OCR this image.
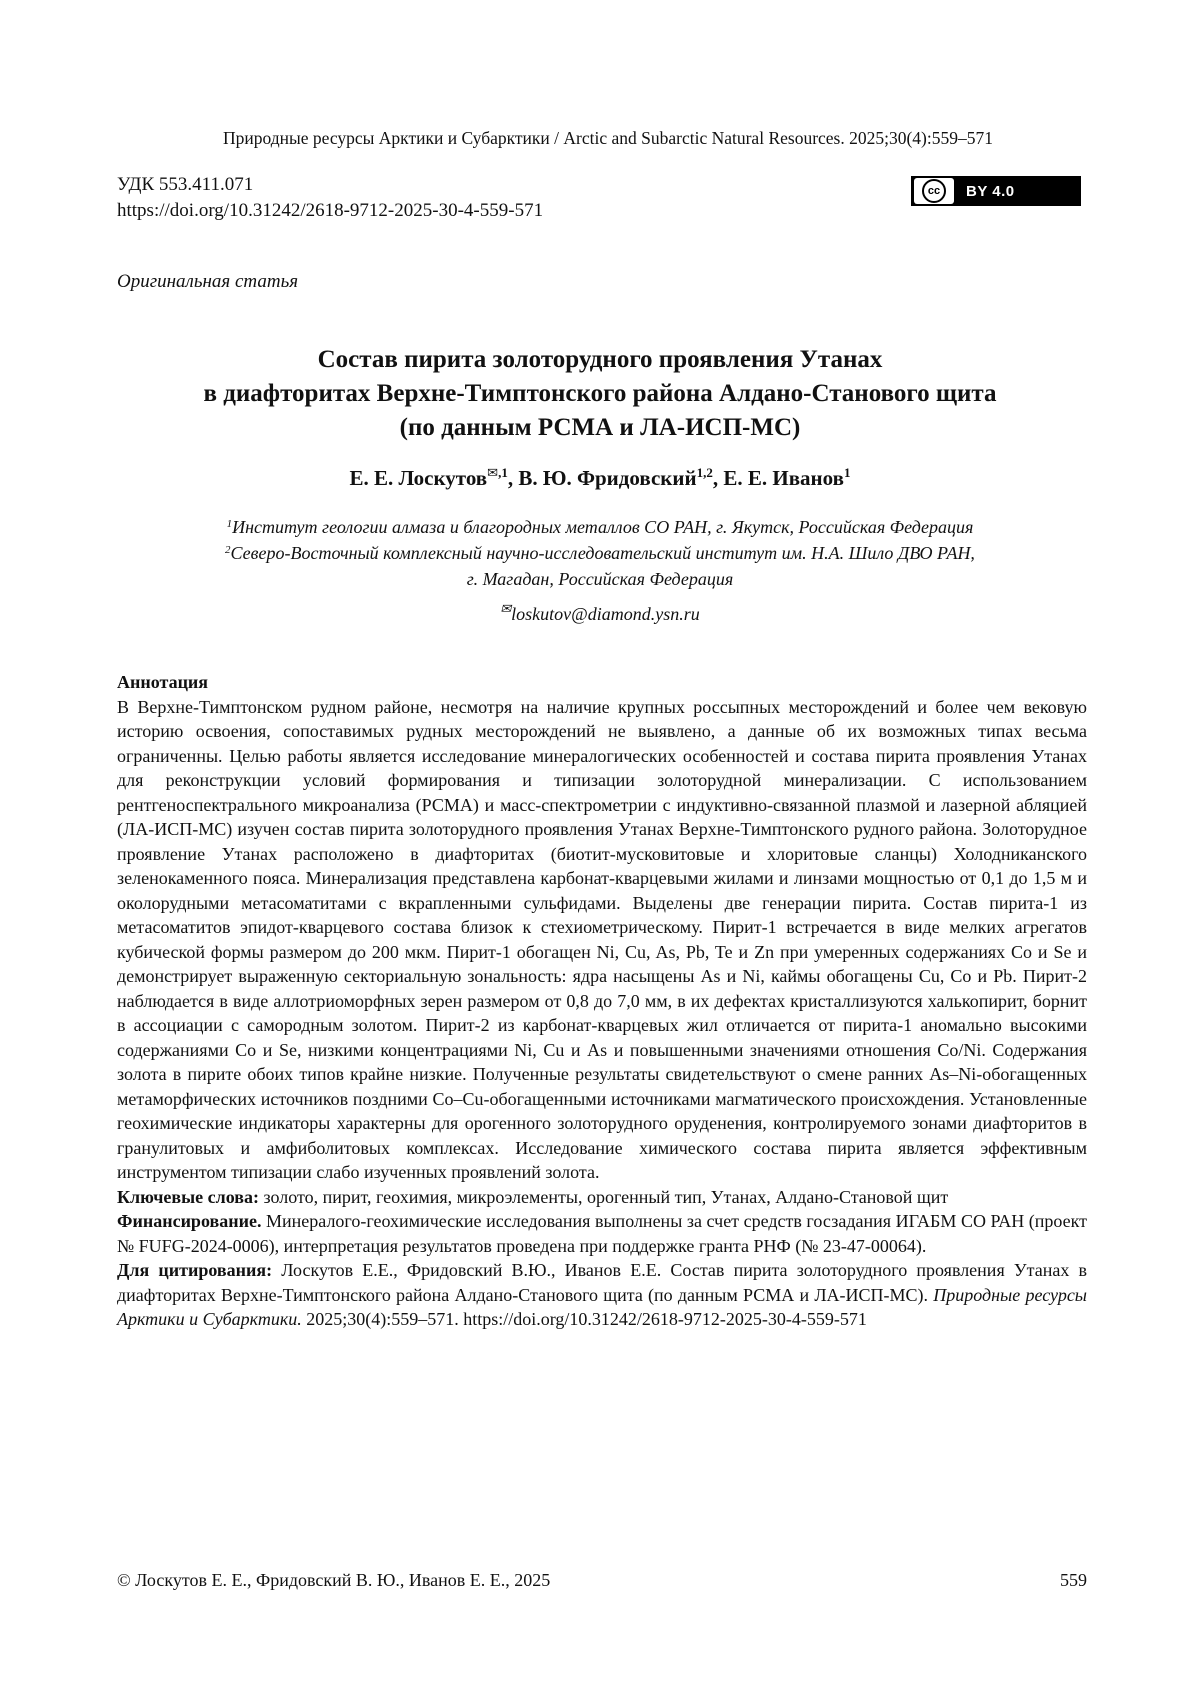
Природные ресурсы Арктики и Субарктики / Arctic and Subarctic Natural Resources. 2025;30(4):559–571
УДК 553.411.071
https://doi.org/10.31242/2618-9712-2025-30-4-559-571
cc	BY 4.0
Оригинальная статья
Состав пирита золоторудного проявления Утанах
в диафторитах Верхне-Тимптонского района Алдано-Станового щита
(по данным РСМА и ЛА-ИСП-МС)
Е. Е. Лоскутов$^{✉,1}$, В. Ю. Фридовский$^{1,2}$, Е. Е. Иванов$^1$
$^1$Институт геологии алмаза и благородных металлов СО РАН, г. Якутск, Российская Федерация
$^2$Северо-Восточный комплексный научно-исследовательский институт им. Н.А. Шило ДВО РАН,
г. Магадан, Российская Федерация
✉loskutov@diamond.ysn.ru
Аннотация
В Верхне-Тимптонском рудном районе, несмотря на наличие крупных россыпных месторождений и более чем вековую историю освоения, сопоставимых рудных месторождений не выявлено, а данные об их возможных типах весьма ограниченны. Целью работы является исследование минералогических особенностей и состава пирита проявления Утанах для реконструкции условий формирования и типизации золоторудной минерализации. С использованием рентгеноспектрального микроанализа (РСМА) и масс-спектрометрии с индуктивно-связанной плазмой и лазерной абляцией (ЛА-ИСП-МС) изучен состав пирита золоторудного проявления Утанах Верхне-Тимптонского рудного района. Золоторудное проявление Утанах расположено в диафторитах (биотит-мусковитовые и хлоритовые сланцы) Холодниканского зеленокаменного пояса. Минерализация представлена карбонат-кварцевыми жилами и линзами мощностью от 0,1 до 1,5 м и околорудными метасоматитами с вкрапленными сульфидами. Выделены две генерации пирита. Состав пирита-1 из метасоматитов эпидот-кварцевого состава близок к стехиометрическому. Пирит-1 встречается в виде мелких агрегатов кубической формы размером до 200 мкм. Пирит-1 обогащен Ni, Cu, As, Pb, Te и Zn при умеренных содержаниях Co и Se и демонстрирует выраженную секториальную зональность: ядра насыщены As и Ni, каймы обогащены Cu, Co и Pb. Пирит-2 наблюдается в виде аллотриоморфных зерен размером от 0,8 до 7,0 мм, в их дефектах кристаллизуются халькопирит, борнит в ассоциации с самородным золотом. Пирит-2 из карбонат-кварцевых жил отличается от пирита-1 аномально высокими содержаниями Co и Se, низкими концентрациями Ni, Cu и As и повышенными значениями отношения Co/Ni. Содержания золота в пирите обоих типов крайне низкие. Полученные результаты свидетельствуют о смене ранних As–Ni-обогащенных метаморфических источников поздними Co–Cu-обогащенными источниками магматического происхождения. Установленные геохимические индикаторы характерны для орогенного золоторудного оруденения, контролируемого зонами диафторитов в гранулитовых и амфиболитовых комплексах. Исследование химического состава пирита является эффективным инструментом типизации слабо изученных проявлений золота.
Ключевые слова: золото, пирит, геохимия, микроэлементы, орогенный тип, Утанах, Алдано-Становой щит
Финансирование. Минералого-геохимические исследования выполнены за счет средств госзадания ИГАБМ СО РАН (проект № FUFG-2024-0006), интерпретация результатов проведена при поддержке гранта РНФ (№ 23-47-00064).
Для цитирования: Лоскутов Е.Е., Фридовский В.Ю., Иванов Е.Е. Состав пирита золоторудного проявления Утанах в диафторитах Верхне-Тимптонского района Алдано-Станового щита (по данным РСМА и ЛА-ИСП-МС). Природные ресурсы Арктики и Субарктики. 2025;30(4):559–571. https://doi.org/10.31242/2618-9712-2025-30-4-559-571
© Лоскутов Е. Е., Фридовский В. Ю., Иванов Е. Е., 2025	559
